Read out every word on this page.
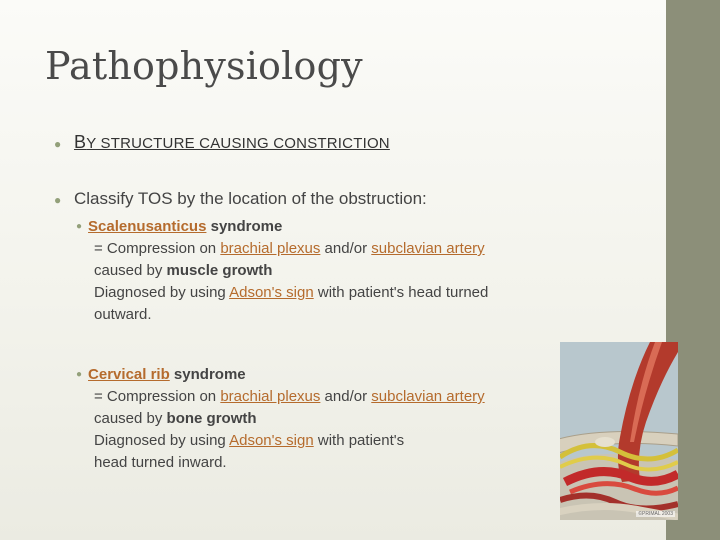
Pathophysiology
● BY STRUCTURE CAUSING CONSTRICTION
● Classify TOS by the location of the obstruction:
● Scalenusanticus syndrome
= Compression on brachial plexus and/or subclavian artery
caused by muscle growth
Diagnosed by using Adson's sign with patient's head turned
outward.
● Cervical rib syndrome
= Compression on brachial plexus and/or subclavian artery
caused by bone growth
Diagnosed by using Adson's sign with patient's
head turned inward.
©PRIMAL 2003
